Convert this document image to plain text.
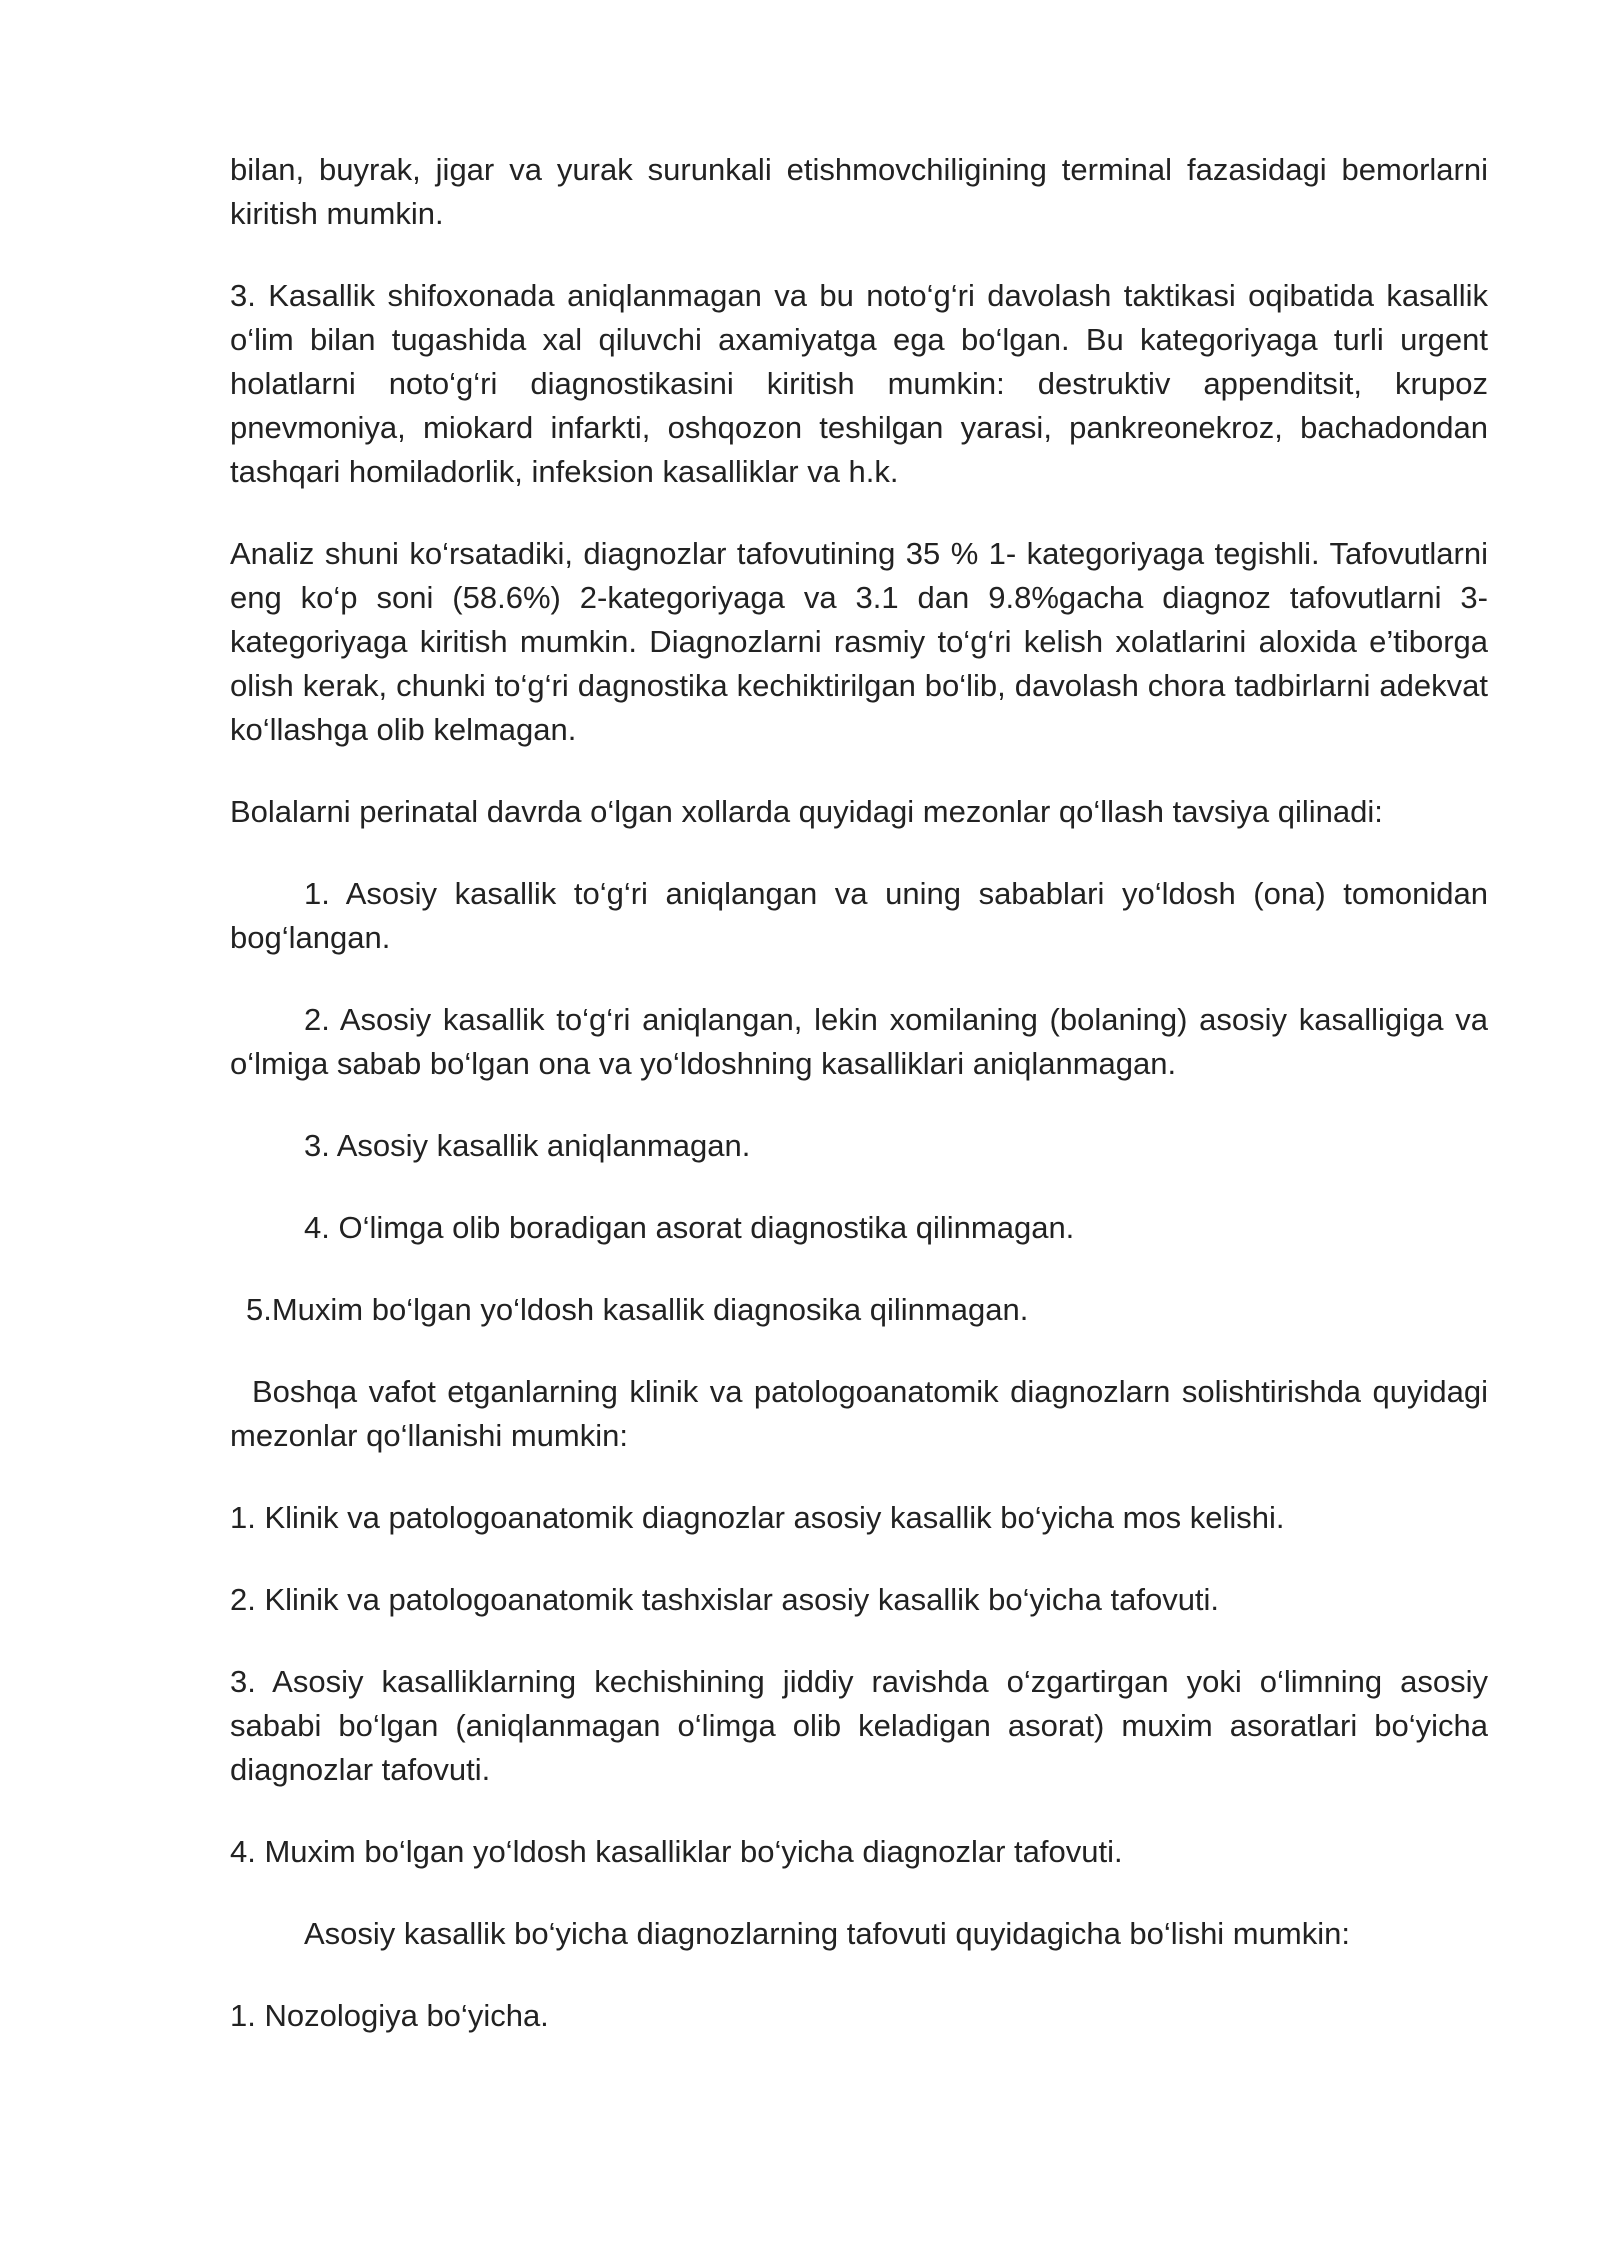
bilan, buyrak, jigar va yurak surunkali etishmovchiligining terminal fazasidagi bemorlarni kiritish mumkin.

3. Kasallik shifoxonada aniqlanmagan va bu noto‘g‘ri davolash taktikasi oqibatida kasallik o‘lim bilan tugashida xal qiluvchi axamiyatga ega bo‘lgan. Bu kategoriyaga turli urgent holatlarni noto‘g‘ri diagnostikasini kiritish mumkin: destruktiv appenditsit, krupoz pnevmoniya, miokard infarkti, oshqozon teshilgan yarasi, pankreonekroz, bachadondan tashqari homiladorlik, infeksion kasalliklar va h.k.

Analiz shuni ko‘rsatadiki, diagnozlar tafovutining 35 % 1- kategoriyaga tegishli. Tafovutlarni eng ko‘p soni (58.6%) 2-kategoriyaga va 3.1 dan 9.8%gacha diagnoz tafovutlarni 3-kategoriyaga kiritish mumkin. Diagnozlarni rasmiy to‘g‘ri kelish xolatlarini aloxida e’tiborga olish kerak, chunki to‘g‘ri dagnostika kechiktirilgan bo‘lib, davolash chora tadbirlarni adekvat ko‘llashga olib kelmagan.

Bolalarni perinatal davrda o‘lgan xollarda quyidagi mezonlar qo‘llash tavsiya qilinadi:

1. Asosiy kasallik to‘g‘ri aniqlangan va uning sabablari yo‘ldosh (ona) tomonidan bog‘langan.

2. Asosiy kasallik to‘g‘ri aniqlangan, lekin xomilaning (bolaning) asosiy kasalligiga va o‘lmiga sabab bo‘lgan ona va yo‘ldoshning kasalliklari aniqlanmagan.

3. Asosiy kasallik aniqlanmagan.

4. O‘limga olib boradigan asorat diagnostika qilinmagan.

5.Muxim bo‘lgan yo‘ldosh kasallik diagnosika qilinmagan.

Boshqa vafot etganlarning klinik va patologoanatomik diagnozlarn solishtirishda quyidagi mezonlar qo‘llanishi mumkin:

1. Klinik va patologoanatomik diagnozlar asosiy kasallik bo‘yicha mos kelishi.

2. Klinik va patologoanatomik tashxislar asosiy kasallik bo‘yicha tafovuti.

3. Asosiy kasalliklarning kechishining jiddiy ravishda o‘zgartirgan yoki o‘limning asosiy sababi bo‘lgan (aniqlanmagan o‘limga olib keladigan asorat) muxim asoratlari bo‘yicha diagnozlar tafovuti.

4. Muxim bo‘lgan yo‘ldosh kasalliklar bo‘yicha diagnozlar tafovuti.

Asosiy kasallik bo‘yicha diagnozlarning tafovuti quyidagicha bo‘lishi mumkin:

1. Nozologiya bo‘yicha.
